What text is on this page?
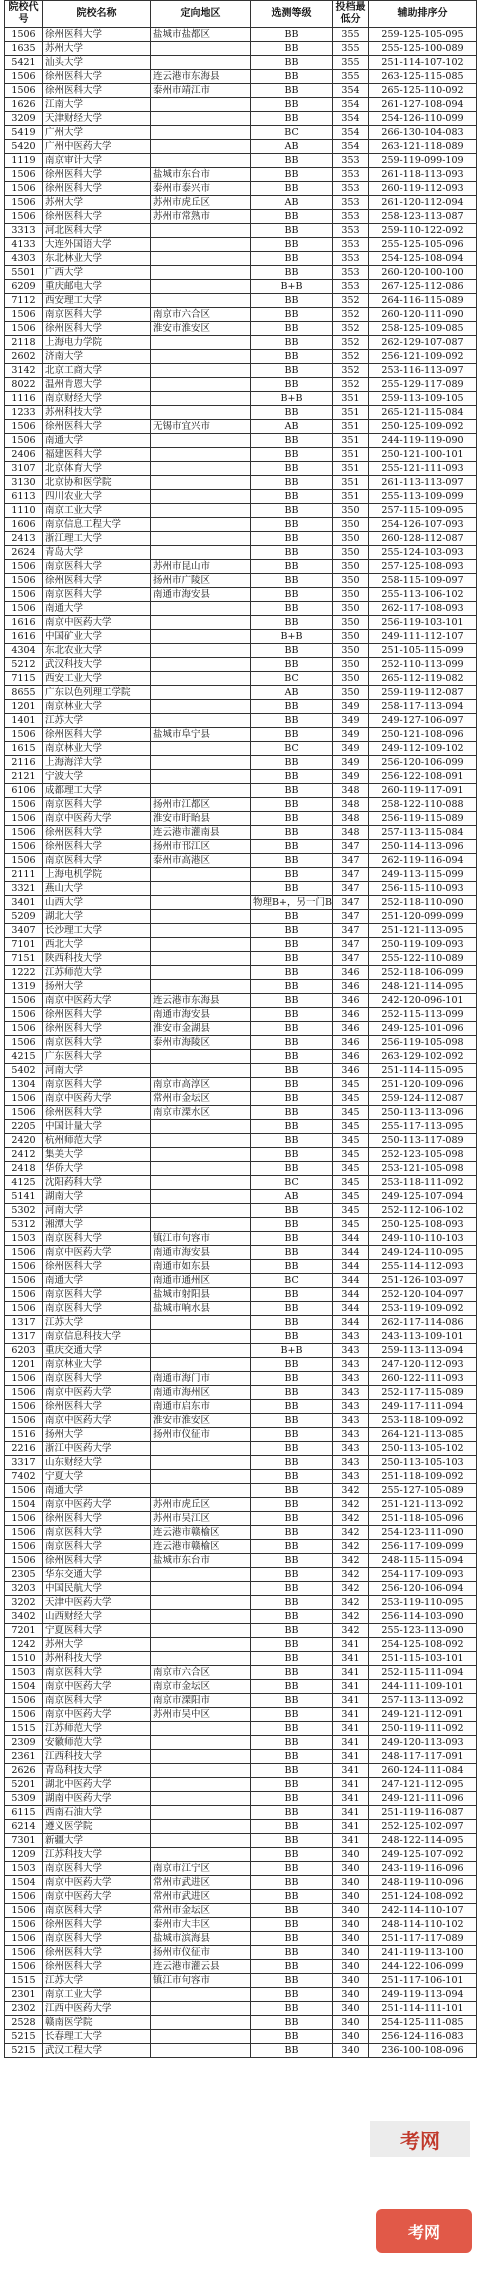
院校代号	院校名称	定向地区	选测等级	投档最低分	辅助排序分
1506	徐州医科大学	盐城市盐都区	BB	355	259-125-105-095
1635	苏州大学		BB	355	255-125-100-089
5421	汕头大学		BB	355	251-114-107-102
1506	徐州医科大学	连云港市东海县	BB	355	263-125-115-085
1506	徐州医科大学	泰州市靖江市	BB	354	265-125-110-092
1626	江南大学		BB	354	261-127-108-094
3209	天津财经大学		BB	354	254-126-110-099
5419	广州大学		BC	354	266-130-104-083
5420	广州中医药大学		AB	354	263-121-118-089
1119	南京审计大学		BB	353	259-119-099-109
1506	徐州医科大学	盐城市东台市	BB	353	261-118-113-093
1506	徐州医科大学	泰州市泰兴市	BB	353	260-119-112-093
1506	苏州大学	苏州市虎丘区	AB	353	261-120-112-094
1506	徐州医科大学	苏州市常熟市	BB	353	258-123-113-087
3313	河北医科大学		BB	353	259-110-122-092
4133	大连外国语大学		BB	353	255-125-105-096
4303	东北林业大学		BB	353	254-125-108-094
5501	广西大学		BB	353	260-120-100-100
6209	重庆邮电大学		B+B	353	267-125-112-086
7112	西安理工大学		BB	352	264-116-115-089
1506	南京医科大学	南京市六合区	BB	352	260-120-111-090
1506	徐州医科大学	淮安市淮安区	BB	352	258-125-109-085
2118	上海电力学院		BB	352	262-129-107-087
2602	济南大学		BB	352	256-121-109-092
3142	北京工商大学		BB	352	253-116-113-097
8022	温州肯恩大学		BB	352	255-129-117-089
1116	南京财经大学		B+B	351	259-113-109-105
1233	苏州科技大学		BB	351	265-121-115-084
1506	徐州医科大学	无锡市宜兴市	AB	351	250-125-109-092
1506	南通大学		BB	351	244-119-119-090
2406	福建医科大学		BB	351	250-121-100-101
3107	北京体育大学		BB	351	255-121-111-093
3130	北京协和医学院		BB	351	261-113-113-097
6113	四川农业大学		BB	351	255-113-109-099
1110	南京工业大学		BB	350	257-115-109-095
1606	南京信息工程大学		BB	350	254-126-107-093
2413	浙江理工大学		BB	350	260-128-112-087
2624	青岛大学		BB	350	255-124-103-093
1506	南京医科大学	苏州市昆山市	BB	350	257-125-108-093
1506	徐州医科大学	扬州市广陵区	BB	350	258-115-109-097
1506	南京医科大学	南通市海安县	BB	350	255-113-106-102
1506	南通大学		BB	350	262-117-108-093
1616	南京中医药大学		BB	350	256-119-103-101
1616	中国矿业大学		B+B	350	249-111-112-107
4304	东北农业大学		BB	350	251-105-115-099
5212	武汉科技大学		BB	350	252-110-113-099
7115	西安工业大学		BC	350	265-112-119-082
8655	广东以色列理工学院		AB	350	259-119-112-087
1201	南京林业大学		BB	349	258-117-113-094
1401	江苏大学		BB	349	249-127-106-097
1506	徐州医科大学	盐城市阜宁县	BB	349	250-121-108-096
1615	南京林业大学		BC	349	249-112-109-102
2116	上海海洋大学		BB	349	256-120-106-099
2121	宁波大学		BB	349	256-122-108-091
6106	成都理工大学		BB	348	260-119-117-091
1506	南京医科大学	扬州市江都区	BB	348	258-122-110-088
1506	南京中医药大学	淮安市盱眙县	BB	348	256-119-115-089
1506	徐州医科大学	连云港市灌南县	BB	348	257-113-115-084
1506	徐州医科大学	扬州市邗江区	BB	347	250-114-113-096
1506	南京医科大学	泰州市高港区	BB	347	262-119-116-094
2111	上海电机学院		BB	347	249-113-115-099
3321	燕山大学		BB	347	256-115-110-093
3401	山西大学		物理B+，另一门B	347	252-118-110-090
5209	湖北大学		BB	347	251-120-099-099
3407	长沙理工大学		BB	347	251-121-113-095
7101	西北大学		BB	347	250-119-109-093
7151	陕西科技大学		BB	347	255-122-110-089
1222	江苏师范大学		BB	346	252-118-106-099
1319	扬州大学		BB	346	248-121-114-095
1506	南京中医药大学	连云港市东海县	BB	346	242-120-096-101
1506	徐州医科大学	南通市海安县	BB	346	252-115-113-099
1506	徐州医科大学	淮安市金湖县	BB	346	249-125-101-096
1506	南京医科大学	泰州市海陵区	BB	346	256-119-105-098
4215	广东医科大学		BB	346	263-129-102-092
5402	河南大学		BB	346	251-114-115-095
1304	南京医科大学	南京市高淳区	BB	345	251-120-109-096
1506	南京中医药大学	常州市金坛区	BB	345	259-124-112-087
1506	徐州医科大学	南京市溧水区	BB	345	250-113-113-096
2205	中国计量大学		BB	345	255-117-113-095
2420	杭州师范大学		BB	345	250-113-117-089
2412	集美大学		BB	345	252-123-105-098
2418	华侨大学		BB	345	253-121-105-098
4125	沈阳药科大学		BC	345	253-118-111-092
5141	湖南大学		AB	345	249-125-107-094
5302	河南大学		BB	345	252-112-106-102
5312	湘潭大学		BB	345	250-125-108-093
1503	南京医科大学	镇江市句容市	BB	344	249-110-110-103
1506	南京中医药大学	南通市海安县	BB	344	249-124-110-095
1506	徐州医科大学	南通市如东县	BB	344	255-114-112-093
1506	南通大学	南通市通州区	BC	344	251-126-103-097
1506	南京医科大学	盐城市射阳县	BB	344	252-120-104-097
1506	南京医科大学	盐城市响水县	BB	344	253-119-109-092
1317	江苏大学		BB	344	262-117-114-086
1317	南京信息科技大学		BB	343	243-113-109-101
6203	重庆交通大学		B+B	343	259-113-113-094
1201	南京林业大学		BB	343	247-120-112-093
1506	南京医科大学	南通市海门市	BB	343	260-122-111-093
1506	南京中医药大学	南通市海州区	BB	343	252-117-115-089
1506	徐州医科大学	南通市启东市	BB	343	249-117-111-094
1506	南京中医药大学	淮安市淮安区	BB	343	253-118-109-092
1516	扬州大学	扬州市仪征市	BB	343	264-121-113-085
2216	浙江中医药大学		BB	343	250-113-105-102
3317	山东财经大学		BB	343	250-113-105-103
7402	宁夏大学		BB	343	251-118-109-092
1506	南通大学		BB	342	255-127-105-089
1504	南京中医药大学	苏州市虎丘区	BB	342	251-121-113-092
1506	徐州医科大学	苏州市吴江区	BB	342	251-118-105-096
1506	南京医科大学	连云港市赣榆区	BB	342	254-123-111-090
1506	南京医科大学	连云港市赣榆区	BB	342	256-117-109-099
1506	徐州医科大学	盐城市东台市	BB	342	248-115-115-094
2305	华东交通大学		BB	342	254-117-109-093
3203	中国民航大学		BB	342	256-120-106-094
3202	天津中医药大学		BB	342	253-119-110-095
3402	山西财经大学		BB	342	256-114-103-090
7201	宁夏医科大学		BB	342	255-123-113-090
1242	苏州大学		BB	341	254-125-108-092
1510	苏州科技大学		BB	341	251-115-103-101
1503	南京医科大学	南京市六合区	BB	341	252-115-111-094
1504	南京中医药大学	南京市金坛区	BB	341	244-111-109-101
1506	南京医科大学	南京市溧阳市	BB	341	257-113-113-092
1506	南京中医药大学	苏州市吴中区	BB	341	249-121-112-091
1515	江苏师范大学		BB	341	250-119-111-092
2309	安徽师范大学		BB	341	249-120-113-093
2361	江西科技大学		BB	341	248-117-117-091
2626	青岛科技大学		BB	341	260-124-111-084
5201	湖北中医药大学		BB	341	247-121-112-095
5309	湖南中医药大学		BB	341	249-121-111-096
6115	西南石油大学		BB	341	251-119-116-087
6214	遵义医学院		BB	341	252-125-102-097
7301	新疆大学		BB	341	248-122-114-095
1209	江苏科技大学		BB	340	249-125-107-092
1503	南京医科大学	南京市江宁区	BB	340	243-119-116-096
1504	南京中医药大学	常州市武进区	BB	340	248-119-110-096
1506	南京中医药大学	常州市武进区	BB	340	251-124-108-092
1506	南京医科大学	常州市金坛区	BB	340	242-114-110-107
1506	徐州医科大学	泰州市大丰区	BB	340	248-114-110-102
1506	南京医科大学	盐城市滨海县	BB	340	251-117-117-089
1506	徐州医科大学	扬州市仪征市	BB	340	241-119-113-100
1506	徐州医科大学	连云港市灌云县	BB	340	244-122-106-099
1515	江苏大学	镇江市句容市	BB	340	251-117-106-101
2301	南京工业大学		BB	340	249-119-113-094
2302	江西中医药大学		BB	340	251-114-111-101
2528	赣南医学院		BB	340	254-125-111-085
5215	长春理工大学		BB	340	256-124-116-083
5215	武汉工程大学		BB	340	236-100-108-096
考网
考网
